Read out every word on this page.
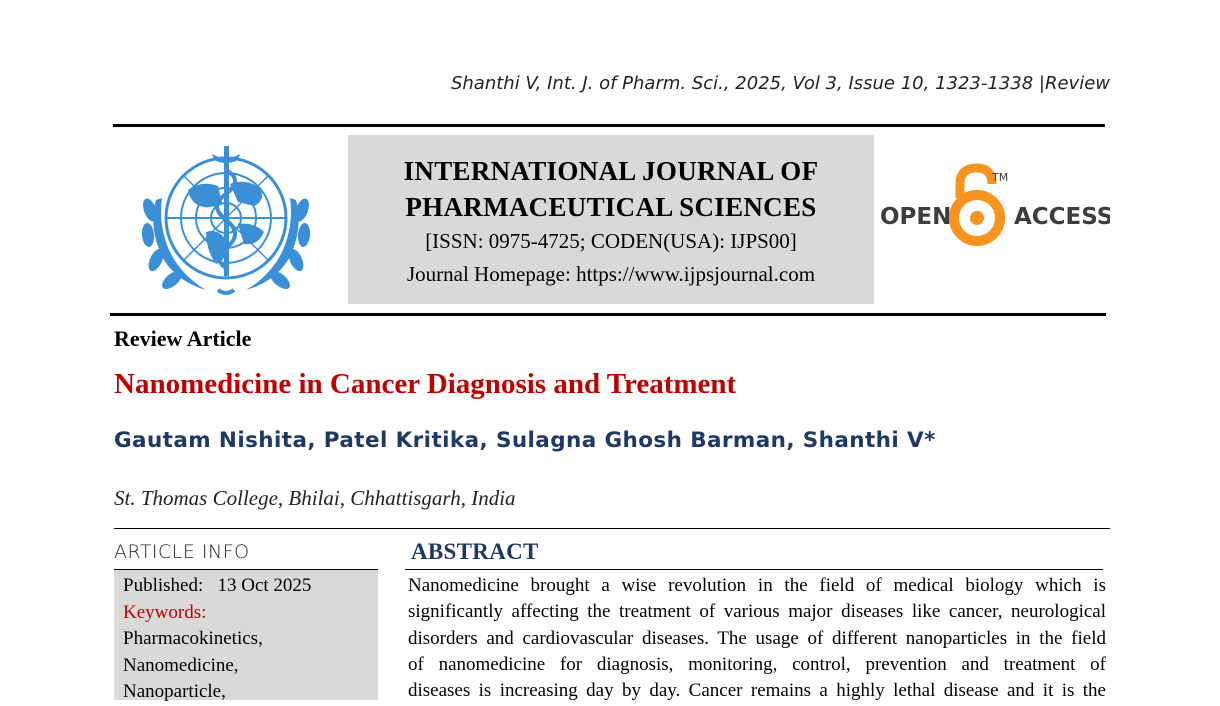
Shanthi V, Int. J. of Pharm. Sci., 2025, Vol 3, Issue 10, 1323-1338 |Review
INTERNATIONAL JOURNAL OF
PHARMACEUTICAL SCIENCES
[ISSN: 0975-4725; CODEN(USA): IJPS00]
Journal Homepage: https://www.ijpsjournal.com
OPEN
TM
ACCESS
Review Article
Nanomedicine in Cancer Diagnosis and Treatment
Gautam Nishita, Patel Kritika, Sulagna Ghosh Barman, Shanthi V*
St. Thomas College, Bhilai, Chhattisgarh, India
ARTICLE INFO
Published: 13 Oct 2025
Keywords:
Pharmacokinetics,
Nanomedicine,
Nanoparticle,
ABSTRACT
Nanomedicine brought a wise revolution in the field of medical biology which is
significantly affecting the treatment of various major diseases like cancer, neurological
disorders and cardiovascular diseases. The usage of different nanoparticles in the field
of nanomedicine for diagnosis, monitoring, control, prevention and treatment of
diseases is increasing day by day. Cancer remains a highly lethal disease and it is the
